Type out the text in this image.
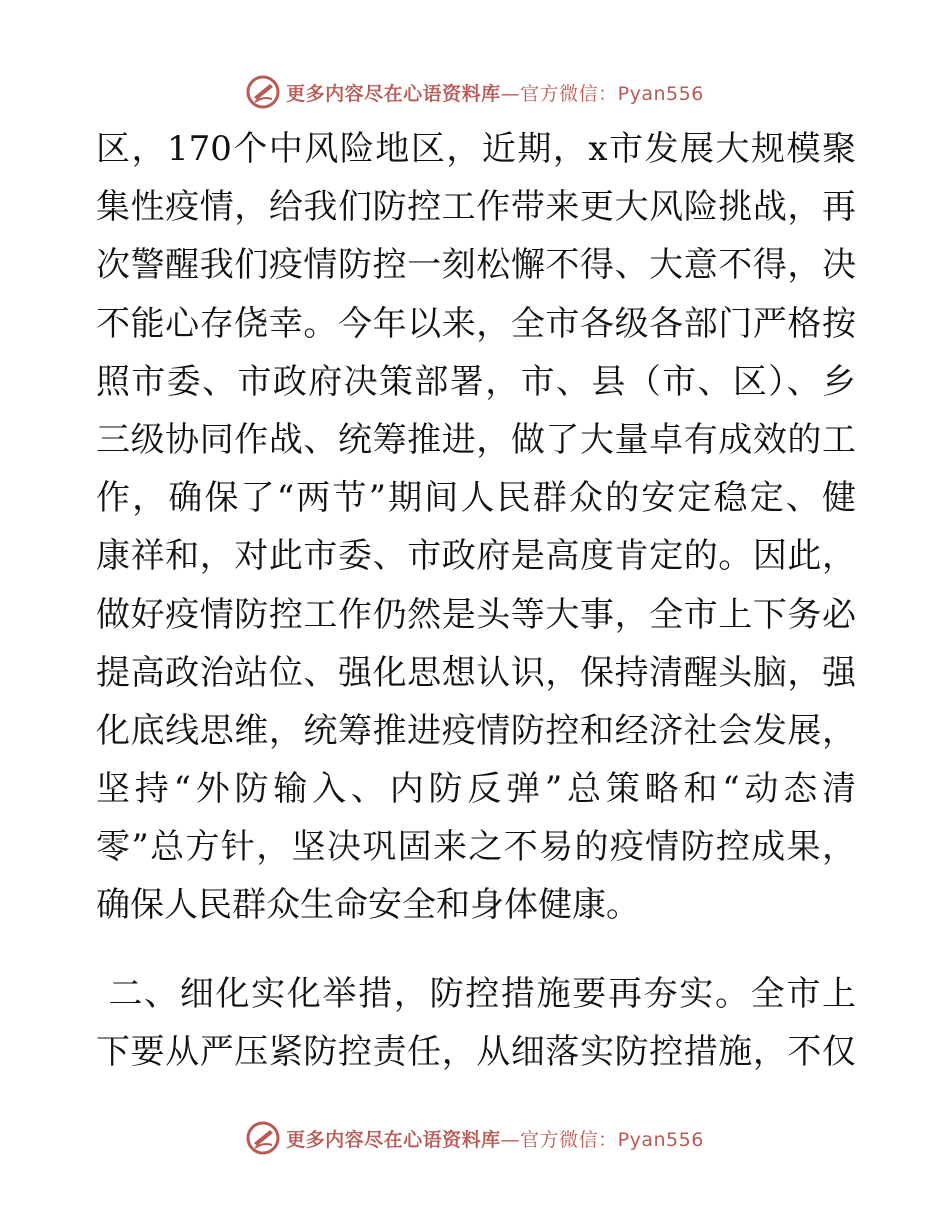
更多内容尽在心语资料库—官方微信：Pyan556
区，170个中风险地区，近期，x市发展大规模聚
集性疫情，给我们防控工作带来更大风险挑战，再
次警醒我们疫情防控一刻松懈不得、大意不得，决
不能心存侥幸。今年以来，全市各级各部门严格按
照市委、市政府决策部署，市、县（市、区）、乡
三级协同作战、统筹推进，做了大量卓有成效的工
作，确保了“两节”期间人民群众的安定稳定、健
康祥和，对此市委、市政府是高度肯定的。因此，
做好疫情防控工作仍然是头等大事，全市上下务必
提高政治站位、强化思想认识，保持清醒头脑，强
化底线思维，统筹推进疫情防控和经济社会发展，
坚持“外防输入、内防反弹”总策略和“动态清
零”总方针，坚决巩固来之不易的疫情防控成果，
确保人民群众生命安全和身体健康。
二、细化实化举措，防控措施要再夯实。全市上
下要从严压紧防控责任，从细落实防控措施，不仅
更多内容尽在心语资料库—官方微信：Pyan556
